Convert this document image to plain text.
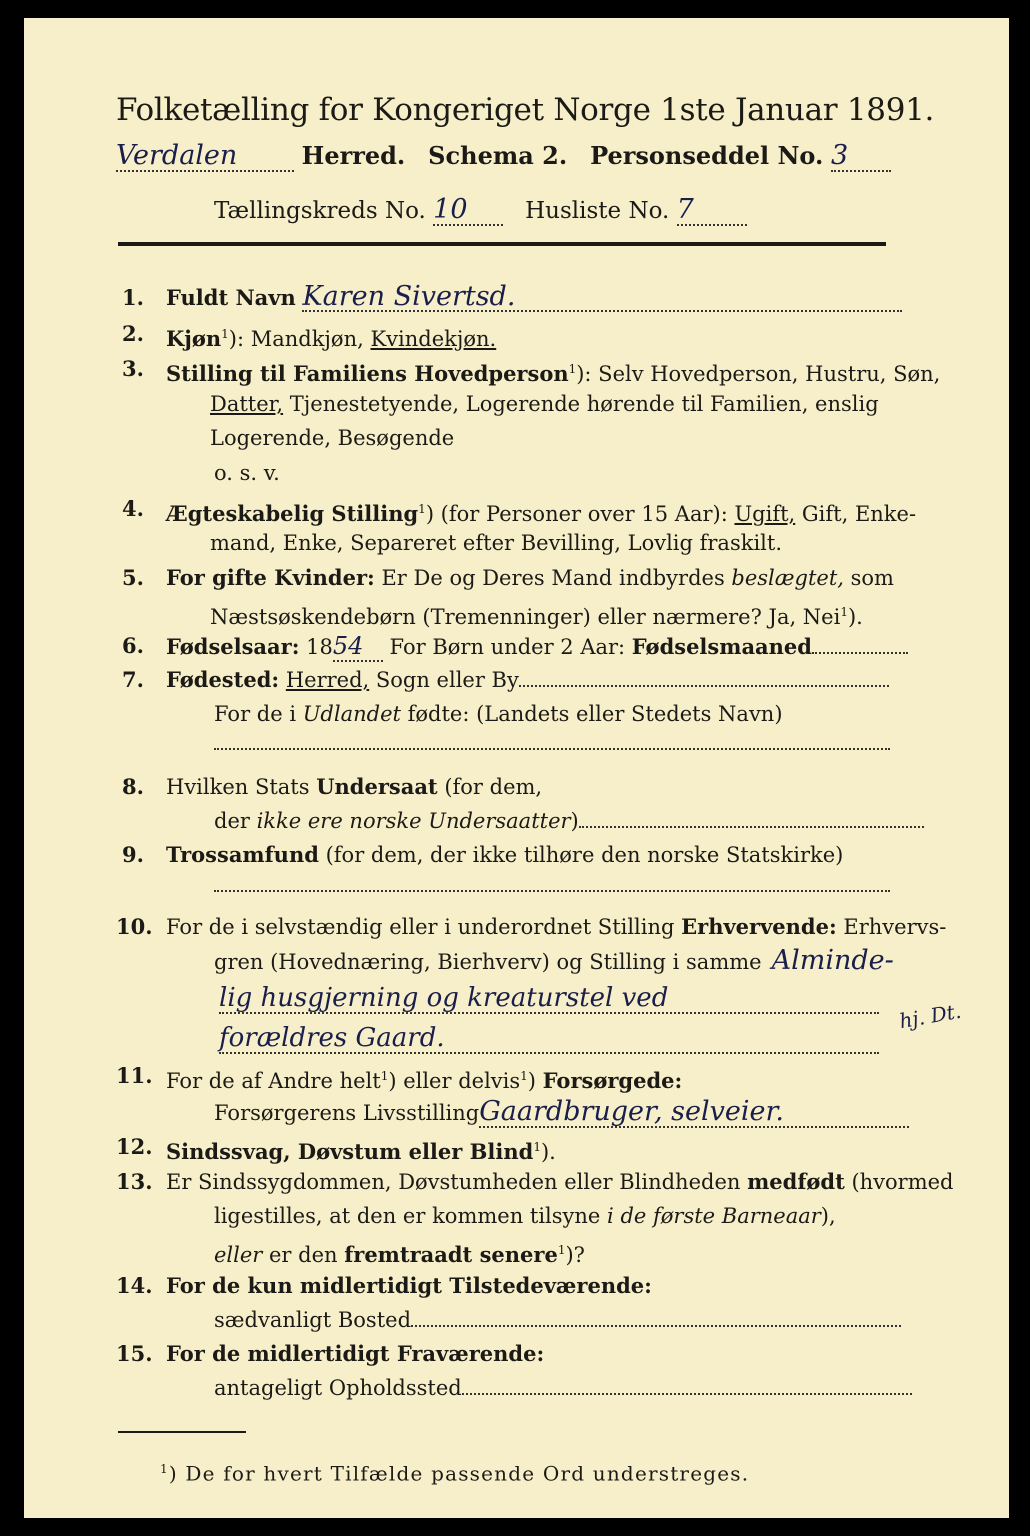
Folketælling for Kongeriget Norge 1ste Januar 1891.
Verdalen	Herred. Schema 2. Personseddel No. 3
Tællingskreds No. 10	Husliste No. 7
1. Fuldt Navn Karen Sivertsd.
2. Kjøn$^1$): Mandkjøn, Kvindekjøn.
3. Stilling til Familiens Hovedperson$^1$): Selv Hovedperson, Hustru, Søn,
Datter, Tjenestetyende, Logerende hørende til Familien, enslig
Logerende, Besøgende
o. s. v.
4. Ægteskabelig Stilling$^1$) (for Personer over 15 Aar): Ugift, Gift, Enke-
mand, Enke, Separeret efter Bevilling, Lovlig fraskilt.
5. For gifte Kvinder: Er De og Deres Mand indbyrdes beslægtet, som
Næstsøskendebørn (Tremenninger) eller nærmere? Ja, Nei$^1$).
6. Fødselsaar: 1854 For Børn under 2 Aar: Fødselsmaaned
7. Fødested: Herred, Sogn eller By
For de i Udlandet fødte: (Landets eller Stedets Navn)
8. Hvilken Stats Undersaat (for dem,
der ikke ere norske Undersaatter)
9. Trossamfund (for dem, der ikke tilhøre den norske Statskirke)
10. For de i selvstændig eller i underordnet Stilling Erhvervende: Erhvervs-
gren (Hovednæring, Bierhverv) og Stilling i samme Alminde-
lig husgjerning og kreaturstel ved
forældres Gaard.
hj. Dt.
11. For de af Andre helt$^1$) eller delvis$^1$) Forsørgede:
Forsørgerens LivsstillingGaardbruger, selveier.
12. Sindssvag, Døvstum eller Blind$^1$).
13. Er Sindssygdommen, Døvstumheden eller Blindheden medfødt (hvormed
ligestilles, at den er kommen tilsyne i de første Barneaar),
eller er den fremtraadt senere$^1$)?
14. For de kun midlertidigt Tilstedeværende:
sædvanligt Bosted
15. For de midlertidigt Fraværende:
antageligt Opholdssted
$^1$) De for hvert Tilfælde passende Ord understreges.
